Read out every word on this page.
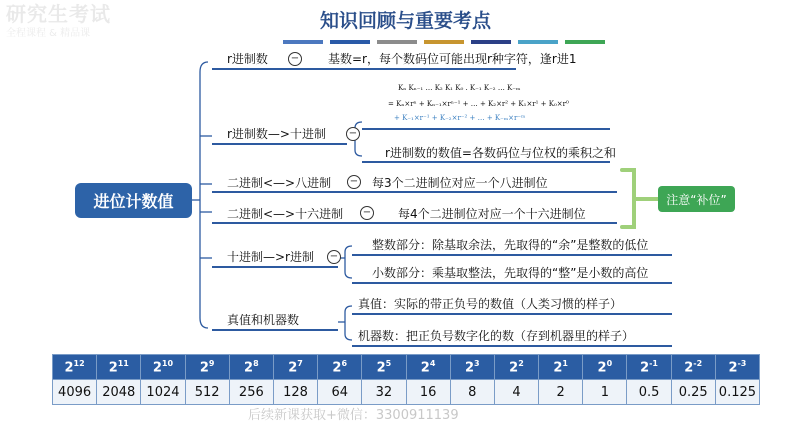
研究生考试
全程课程 & 精品课
知识回顾与重要考点
进位计数值
r进制数 − 基数=r，每个数码位可能出现r种字符，逢r进1
Kₙ Kₙ₋₁ … K₂ K₁ K₀ . K₋₁ K₋₂ … K₋ₘ
= Kₙ×rⁿ + Kₙ₋₁×rⁿ⁻¹ + … + K₂×r² + K₁×r¹ + K₀×r⁰
+ K₋₁×r⁻¹ + K₋₂×r⁻² + … + K₋ₘ×r⁻ᵐ
r进制数—>十进制 −
r进制数的数值=各数码位与位权的乘积之和
二进制<—>八进制 − 每3个二进制位对应一个八进制位
二进制<—>十六进制 − 每4个二进制位对应一个十六进制位
注意“补位”
十进制—>r进制 −
整数部分：除基取余法，先取得的“余”是整数的低位
小数部分：乘基取整法，先取得的“整”是小数的高位
真值和机器数
真值：实际的带正负号的数值（人类习惯的样子）
机器数：把正负号数字化的数（存到机器里的样子）
$2^{12}$	$2^{11}$	$2^{10}$	$2^9$	$2^8$	$2^7$	$2^6$	$2^5$	$2^4$	$2^3$	$2^2$	$2^1$	$2^0$	$2^{-1}$	$2^{-2}$	$2^{-3}$
4096	2048	1024	512	256	128	64	32	16	8	4	2	1	0.5	0.25	0.125
后续新课获取+微信：3300911139
